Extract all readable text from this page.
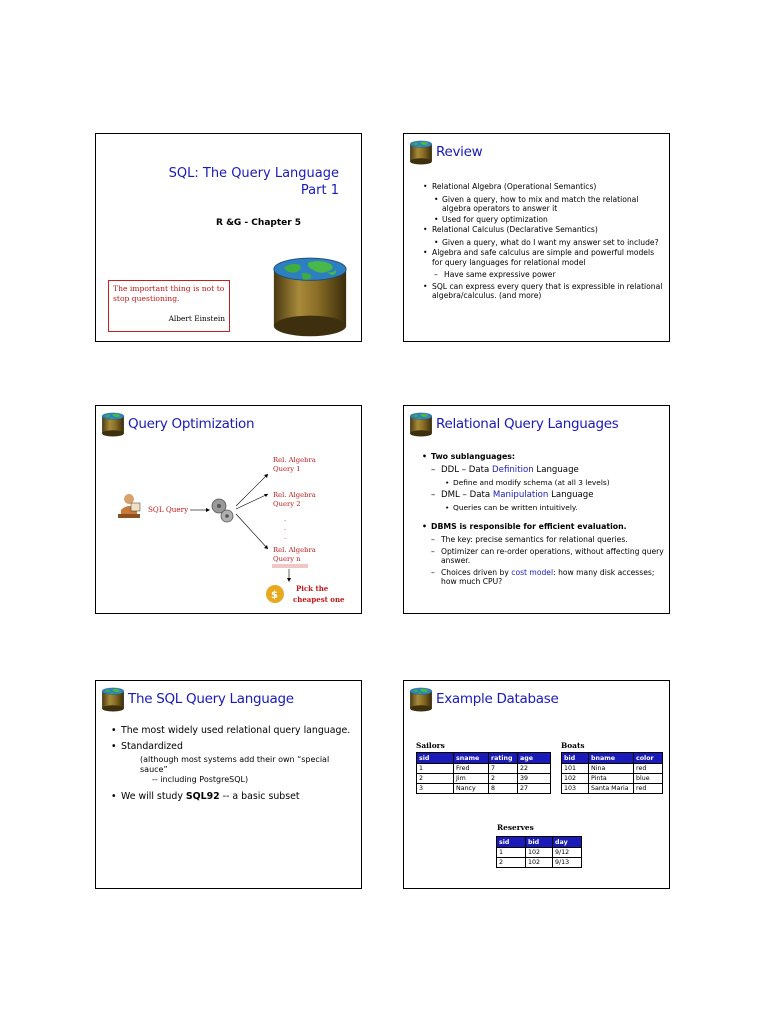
SQL: The Query Language
Part 1
R &G - Chapter 5
The important thing is not to stop questioning.
Albert Einstein
Review
• Relational Algebra (Operational Semantics)
• Given a query, how to mix and match the relational algebra operators to answer it
• Used for query optimization
• Relational Calculus (Declarative Semantics)
• Given a query, what do I want my answer set to include?
• Algebra and safe calculus are simple and powerful models for query languages for relational model
– Have same expressive power
• SQL can express every query that is expressible in relational algebra/calculus. (and more)
Query Optimization
SQL Query
Rel. Algebra
Query 1
Rel. Algebra
Query 2
.
.
.
Rel. Algebra
Query n
$
Pick the
cheapest one
Relational Query Languages
• Two sublanguages:
– DDL – Data Definition Language
• Define and modify schema (at all 3 levels)
– DML – Data Manipulation Language
• Queries can be written intuitively.
• DBMS is responsible for efficient evaluation.
– The key: precise semantics for relational queries.
– Optimizer can re-order operations, without affecting query answer.
– Choices driven by cost model: how many disk accesses; how much CPU?
The SQL Query Language
• The most widely used relational query language.
• Standardized
(although most systems add their own “special sauce”
-- including PostgreSQL)
• We will study SQL92 -- a basic subset
Example Database
Sailors
sid	sname	rating	age
1	Fred	7	22
2	Jim	2	39
3	Nancy	8	27
Boats
bid	bname	color
101	Nina	red
102	Pinta	blue
103	Santa Maria	red
Reserves
sid	bid	day
1	102	9/12
2	102	9/13
